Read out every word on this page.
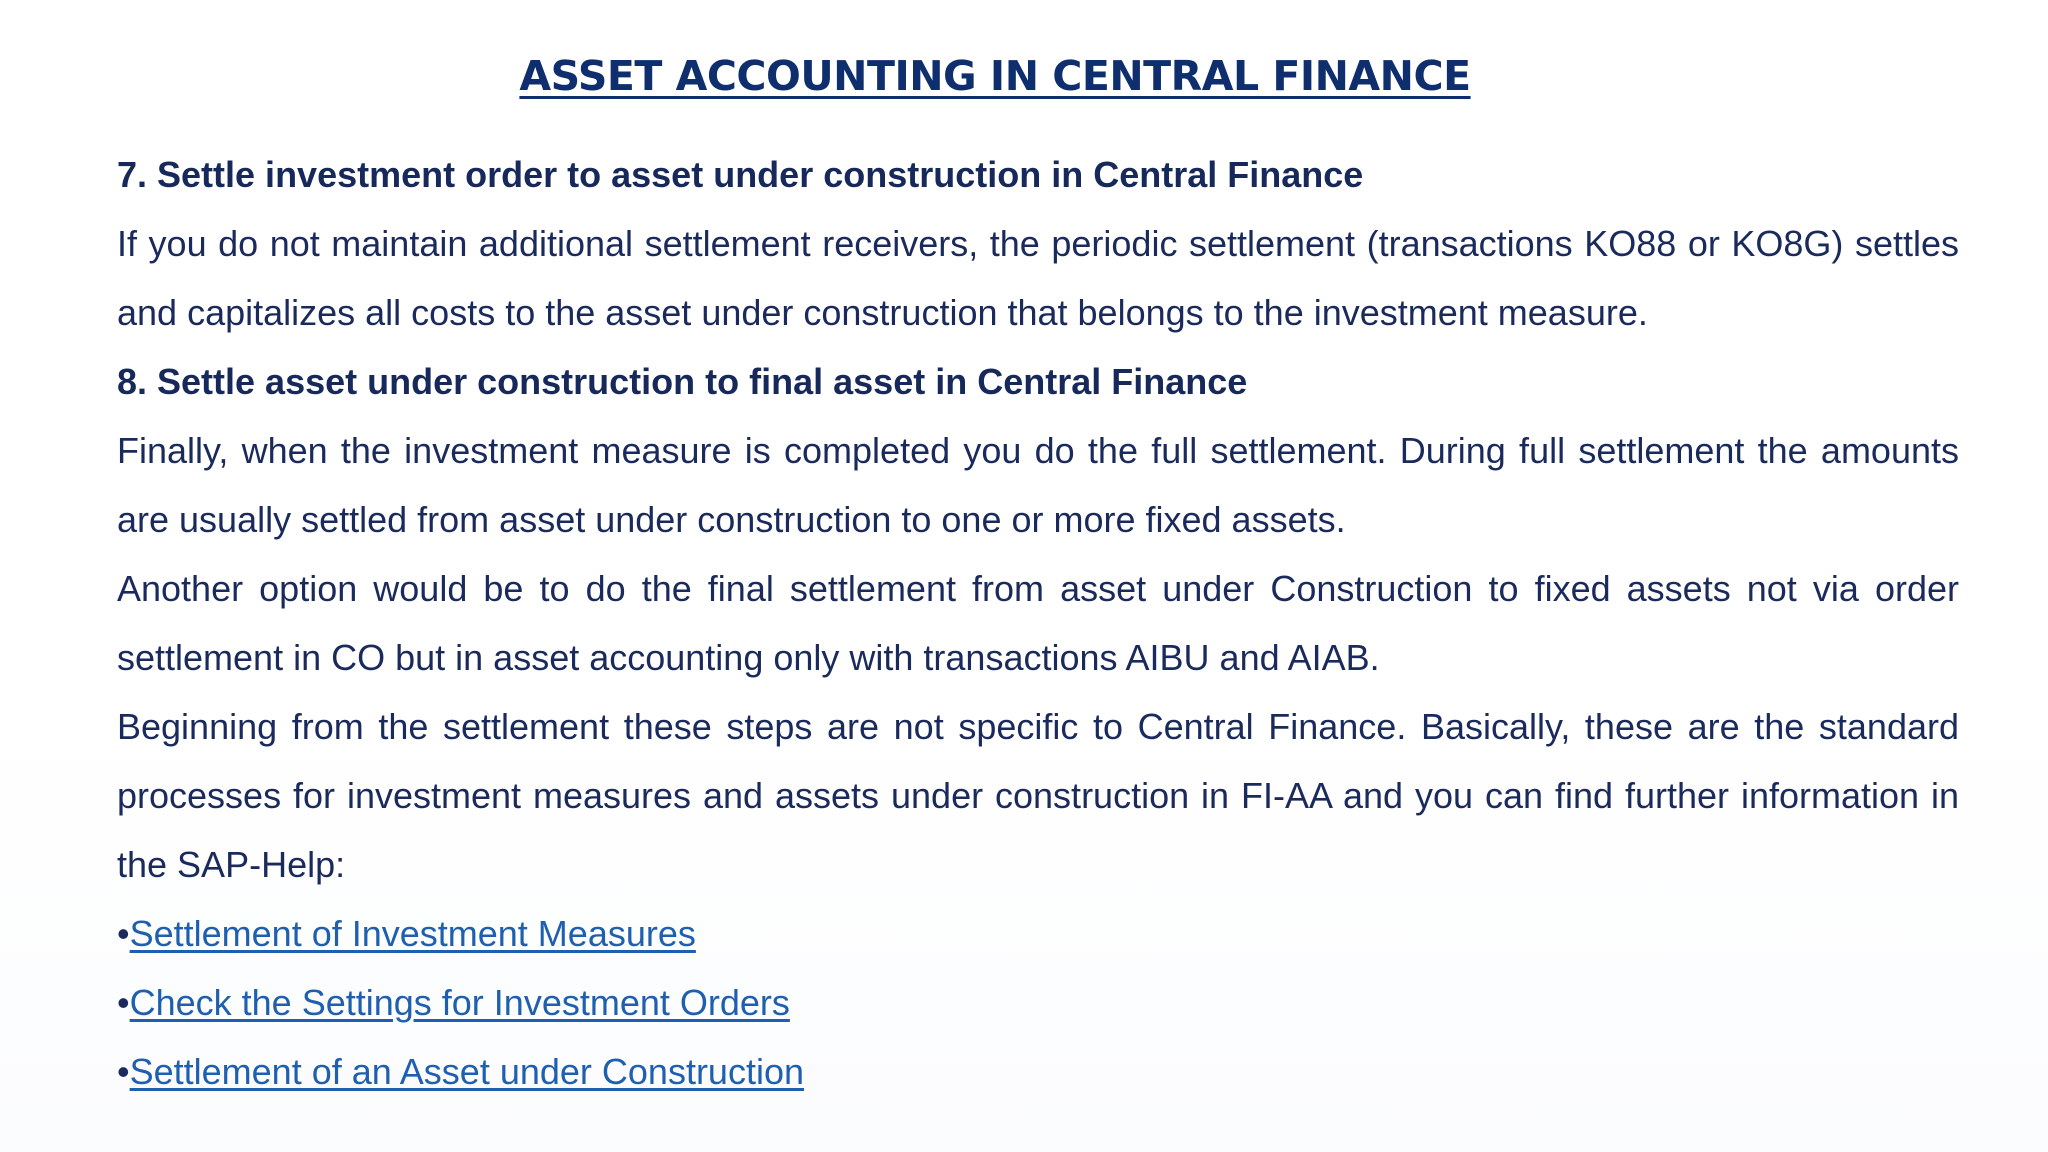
ASSET ACCOUNTING IN CENTRAL FINANCE

7. Settle investment order to asset under construction in Central Finance

If you do not maintain additional settlement receivers, the periodic settlement (transactions KO88 or KO8G) settles and capitalizes all costs to the asset under construction that belongs to the investment measure.

8. Settle asset under construction to final asset in Central Finance

Finally, when the investment measure is completed you do the full settlement. During full settlement the amounts are usually settled from asset under construction to one or more fixed assets.

Another option would be to do the final settlement from asset under Construction to fixed assets not via order settlement in CO but in asset accounting only with transactions AIBU and AIAB.

Beginning from the settlement these steps are not specific to Central Finance. Basically, these are the standard processes for investment measures and assets under construction in FI-AA and you can find further information in the SAP-Help:

•Settlement of Investment Measures

•Check the Settings for Investment Orders

•Settlement of an Asset under Construction
